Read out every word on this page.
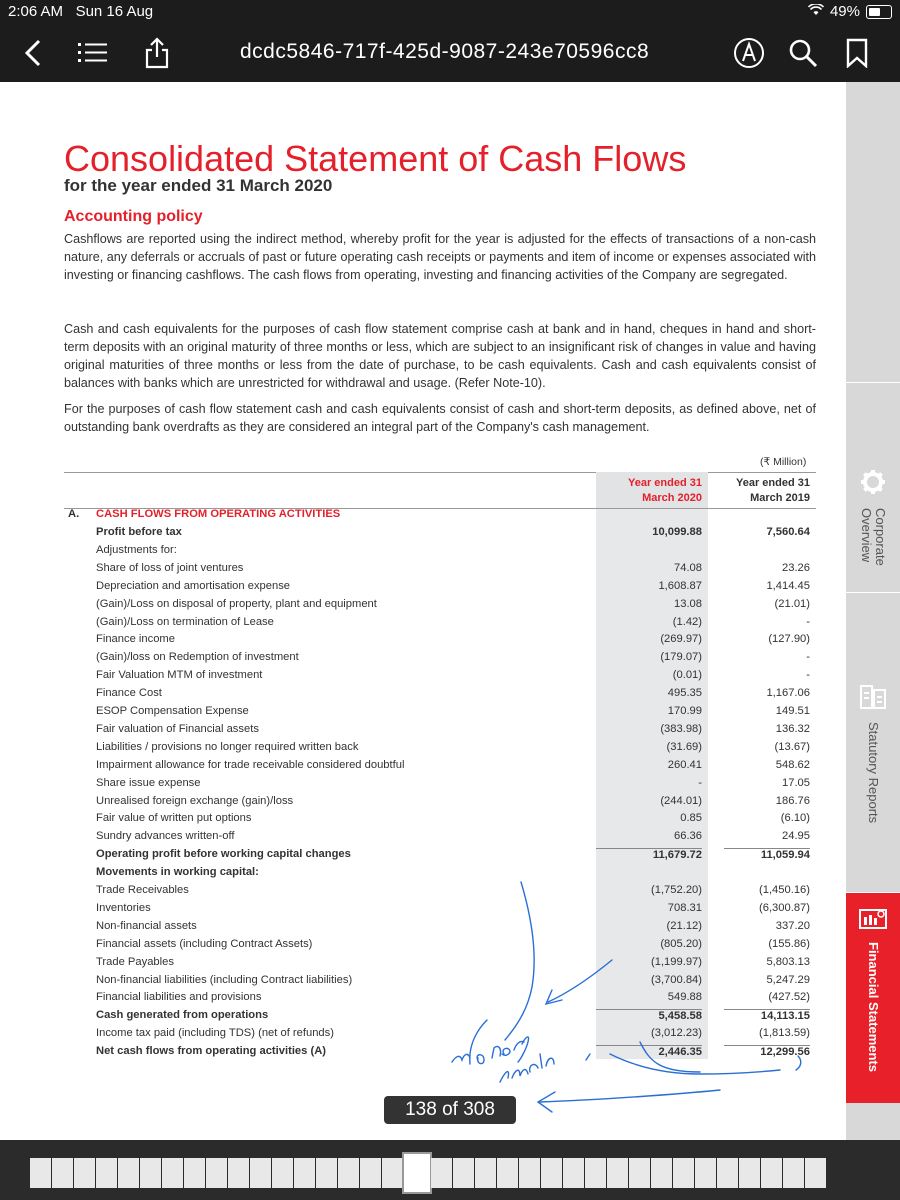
2:06 AM Sun 16 Aug	49%
dcdc5846-717f-425d-9087-243e70596cc8
Consolidated Statement of Cash Flows
for the year ended 31 March 2020
Accounting policy

Cashflows are reported using the indirect method, whereby profit for the year is adjusted for the effects of transactions of a non-cash nature, any deferrals or accruals of past or future operating cash receipts or payments and item of income or expenses associated with investing or financing cashflows. The cash flows from operating, investing and financing activities of the Company are segregated.

Cash and cash equivalents for the purposes of cash flow statement comprise cash at bank and in hand, cheques in hand and short-term deposits with an original maturity of three months or less, which are subject to an insignificant risk of changes in value and having original maturities of three months or less from the date of purchase, to be cash equivalents. Cash and cash equivalents consist of balances with banks which are unrestricted for withdrawal and usage. (Refer Note-10).

For the purposes of cash flow statement cash and cash equivalents consist of cash and short-term deposits, as defined above, net of outstanding bank overdrafts as they are considered an integral part of the Company's cash management.

(₹ Million)
Year ended 31 March 2020
Year ended 31 March 2019
A. CASH FLOWS FROM OPERATING ACTIVITIES
Profit before tax	10,099.88	7,560.64
Adjustments for:
Share of loss of joint ventures	74.08	23.26
Depreciation and amortisation expense	1,608.87	1,414.45
(Gain)/Loss on disposal of property, plant and equipment	13.08	(21.01)
(Gain)/Loss on termination of Lease	(1.42)	-
Finance income	(269.97)	(127.90)
(Gain)/loss on Redemption of investment	(179.07)	-
Fair Valuation MTM of investment	(0.01)	-
Finance Cost	495.35	1,167.06
ESOP Compensation Expense	170.99	149.51
Fair valuation of Financial assets	(383.98)	136.32
Liabilities / provisions no longer required written back	(31.69)	(13.67)
Impairment allowance for trade receivable considered doubtful	260.41	548.62
Share issue expense	-	17.05
Unrealised foreign exchange (gain)/loss	(244.01)	186.76
Fair value of written put options	0.85	(6.10)
Sundry advances written-off	66.36	24.95
Operating profit before working capital changes	11,679.72	11,059.94
Movements in working capital:
Trade Receivables	(1,752.20)	(1,450.16)
Inventories	708.31	(6,300.87)
Non-financial assets	(21.12)	337.20
Financial assets (including Contract Assets)	(805.20)	(155.86)
Trade Payables	(1,199.97)	5,803.13
Non-financial liabilities (including Contract liabilities)	(3,700.84)	5,247.29
Financial liabilities and provisions	549.88	(427.52)
Cash generated from operations	5,458.58	14,113.15
Income tax paid (including TDS) (net of refunds)	(3,012.23)	(1,813.59)
Net cash flows from operating activities (A)	2,446.35	12,299.56
Corporate Overview
Statutory Reports
Financial Statements
138 of 308
